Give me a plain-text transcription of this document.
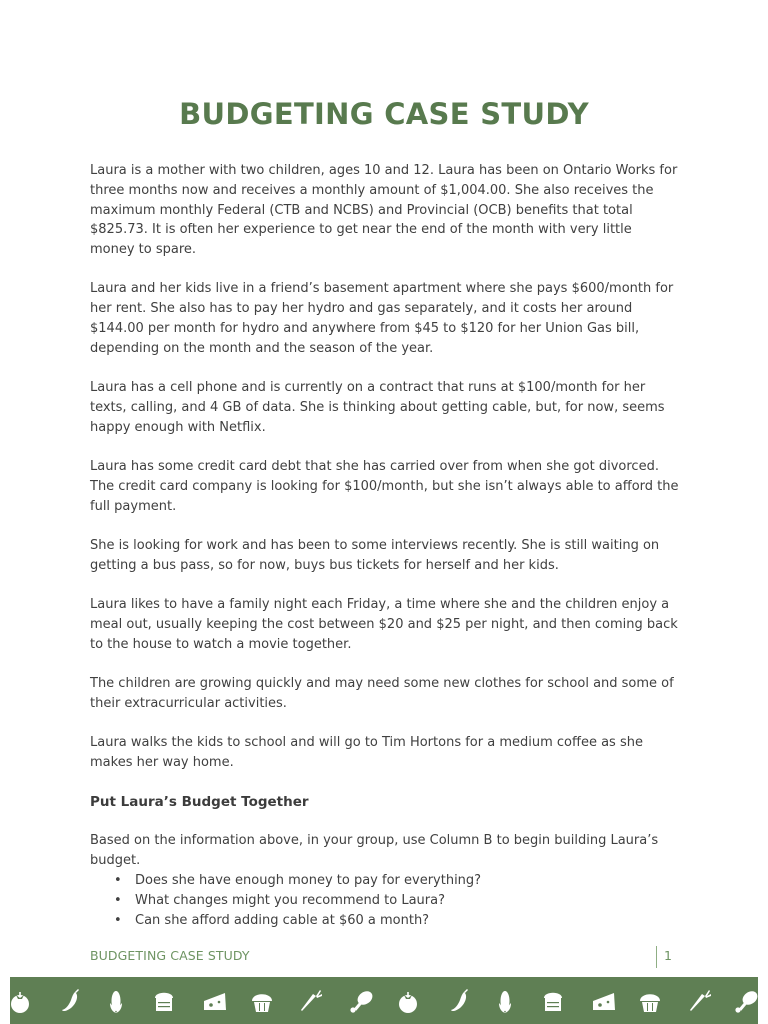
BUDGETING CASE STUDY

Laura is a mother with two children, ages 10 and 12. Laura has been on Ontario Works for three months now and receives a monthly amount of $1,004.00. She also receives the maximum monthly Federal (CTB and NCBS) and Provincial (OCB) benefits that total $825.73. It is often her experience to get near the end of the month with very little money to spare.

Laura and her kids live in a friend’s basement apartment where she pays $600/month for her rent. She also has to pay her hydro and gas separately, and it costs her around $144.00 per month for hydro and anywhere from $45 to $120 for her Union Gas bill, depending on the month and the season of the year.

Laura has a cell phone and is currently on a contract that runs at $100/month for her texts, calling, and 4 GB of data. She is thinking about getting cable, but, for now, seems happy enough with Netflix.

Laura has some credit card debt that she has carried over from when she got divorced. The credit card company is looking for $100/month, but she isn’t always able to afford the full payment.

She is looking for work and has been to some interviews recently. She is still waiting on getting a bus pass, so for now, buys bus tickets for herself and her kids.

Laura likes to have a family night each Friday, a time where she and the children enjoy a meal out, usually keeping the cost between $20 and $25 per night, and then coming back to the house to watch a movie together.

The children are growing quickly and may need some new clothes for school and some of their extracurricular activities.

Laura walks the kids to school and will go to Tim Hortons for a medium coffee as she makes her way home.

Put Laura’s Budget Together

Based on the information above, in your group, use Column B to begin building Laura’s budget.

• Does she have enough money to pay for everything?
• What changes might you recommend to Laura?
• Can she afford adding cable at $60 a month?
BUDGETING CASE STUDY	1
